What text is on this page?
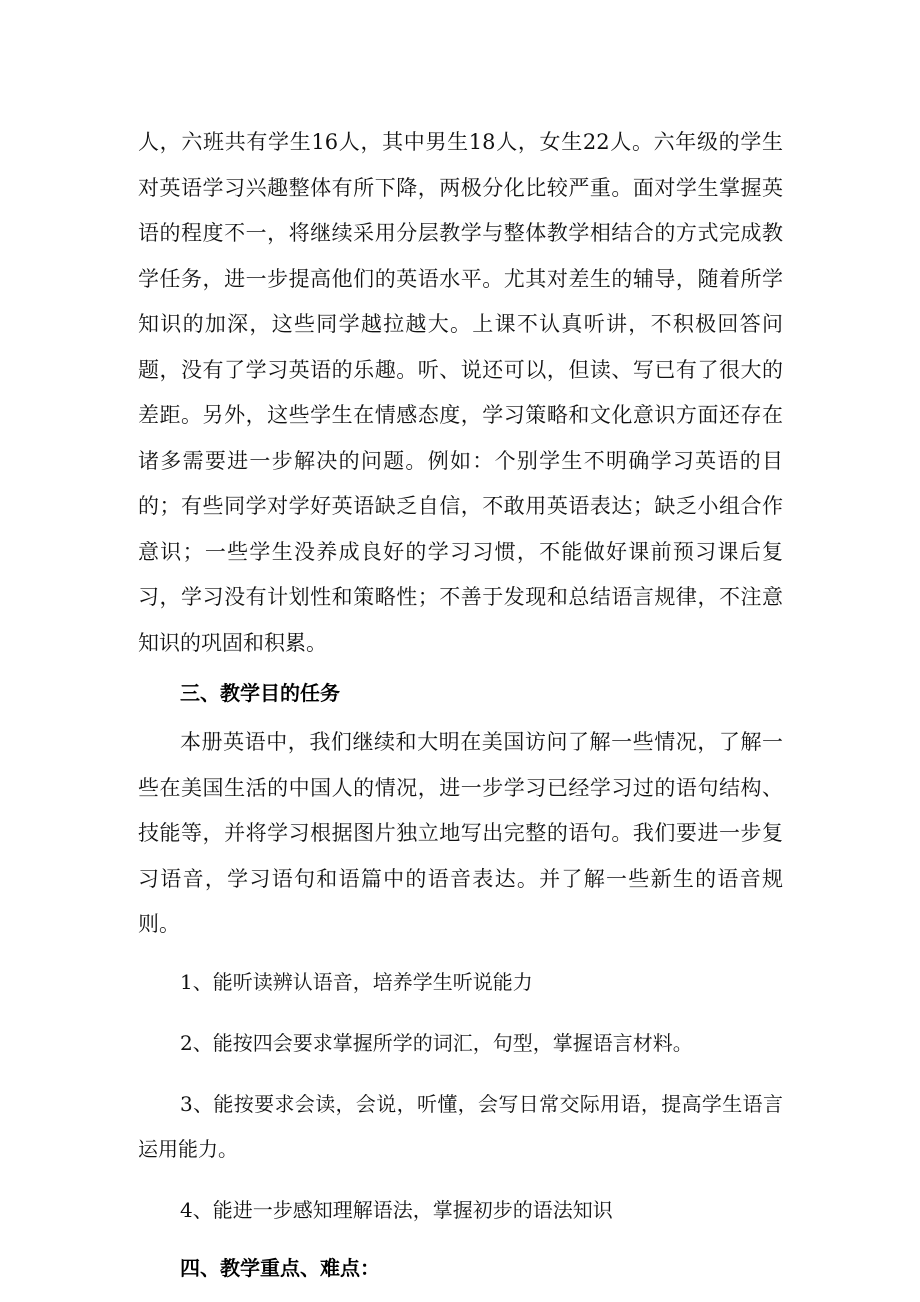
人，六班共有学生16人，其中男生18人，女生22人。六年级的学生对英语学习兴趣整体有所下降，两极分化比较严重。面对学生掌握英语的程度不一，将继续采用分层教学与整体教学相结合的方式完成教学任务，进一步提高他们的英语水平。尤其对差生的辅导，随着所学知识的加深，这些同学越拉越大。上课不认真听讲，不积极回答问题，没有了学习英语的乐趣。听、说还可以，但读、写已有了很大的差距。另外，这些学生在情感态度，学习策略和文化意识方面还存在诸多需要进一步解决的问题。例如：个别学生不明确学习英语的目的；有些同学对学好英语缺乏自信，不敢用英语表达；缺乏小组合作意识；一些学生没养成良好的学习习惯，不能做好课前预习课后复习，学习没有计划性和策略性；不善于发现和总结语言规律，不注意知识的巩固和积累。

三、教学目的任务

本册英语中，我们继续和大明在美国访问了解一些情况，了解一些在美国生活的中国人的情况，进一步学习已经学习过的语句结构、技能等，并将学习根据图片独立地写出完整的语句。我们要进一步复习语音，学习语句和语篇中的语音表达。并了解一些新生的语音规则。

1、能听读辨认语音，培养学生听说能力

2、能按四会要求掌握所学的词汇，句型，掌握语言材料。

3、能按要求会读，会说，听懂，会写日常交际用语，提高学生语言运用能力。

4、能进一步感知理解语法，掌握初步的语法知识

四、教学重点、难点：
